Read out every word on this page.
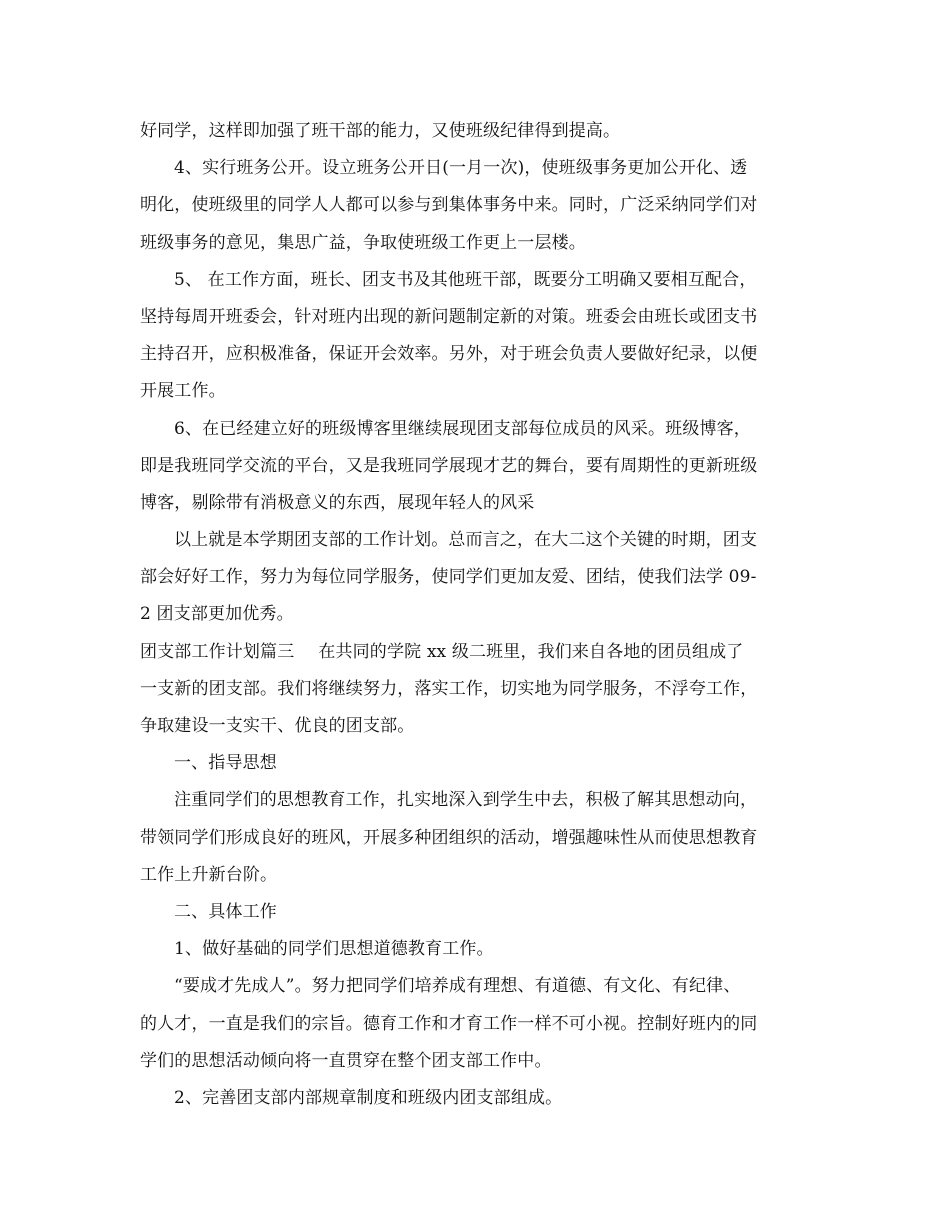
好同学，这样即加强了班干部的能力，又使班级纪律得到提高。
4、实行班务公开。设立班务公开日(一月一次)，使班级事务更加公开化、透
明化，使班级里的同学人人都可以参与到集体事务中来。同时，广泛采纳同学们对
班级事务的意见，集思广益，争取使班级工作更上一层楼。
5、 在工作方面，班长、团支书及其他班干部，既要分工明确又要相互配合，
坚持每周开班委会，针对班内出现的新问题制定新的对策。班委会由班长或团支书
主持召开，应积极准备，保证开会效率。另外，对于班会负责人要做好纪录，以便
开展工作。
6、在已经建立好的班级博客里继续展现团支部每位成员的风采。班级博客，
即是我班同学交流的平台，又是我班同学展现才艺的舞台，要有周期性的更新班级
博客，剔除带有消极意义的东西，展现年轻人的风采
以上就是本学期团支部的工作计划。总而言之，在大二这个关键的时期，团支
部会好好工作，努力为每位同学服务，使同学们更加友爱、团结，使我们法学 09-
2 团支部更加优秀。
团支部工作计划篇三 在共同的学院 xx 级二班里，我们来自各地的团员组成了
一支新的团支部。我们将继续努力，落实工作，切实地为同学服务，不浮夸工作，
争取建设一支实干、优良的团支部。
一、指导思想
注重同学们的思想教育工作，扎实地深入到学生中去，积极了解其思想动向，
带领同学们形成良好的班风，开展多种团组织的活动，增强趣味性从而使思想教育
工作上升新台阶。
二、具体工作
1、做好基础的同学们思想道德教育工作。
“要成才先成人”。努力把同学们培养成有理想、有道德、有文化、有纪律、
的人才，一直是我们的宗旨。德育工作和才育工作一样不可小视。控制好班内的同
学们的思想活动倾向将一直贯穿在整个团支部工作中。
2、完善团支部内部规章制度和班级内团支部组成。
